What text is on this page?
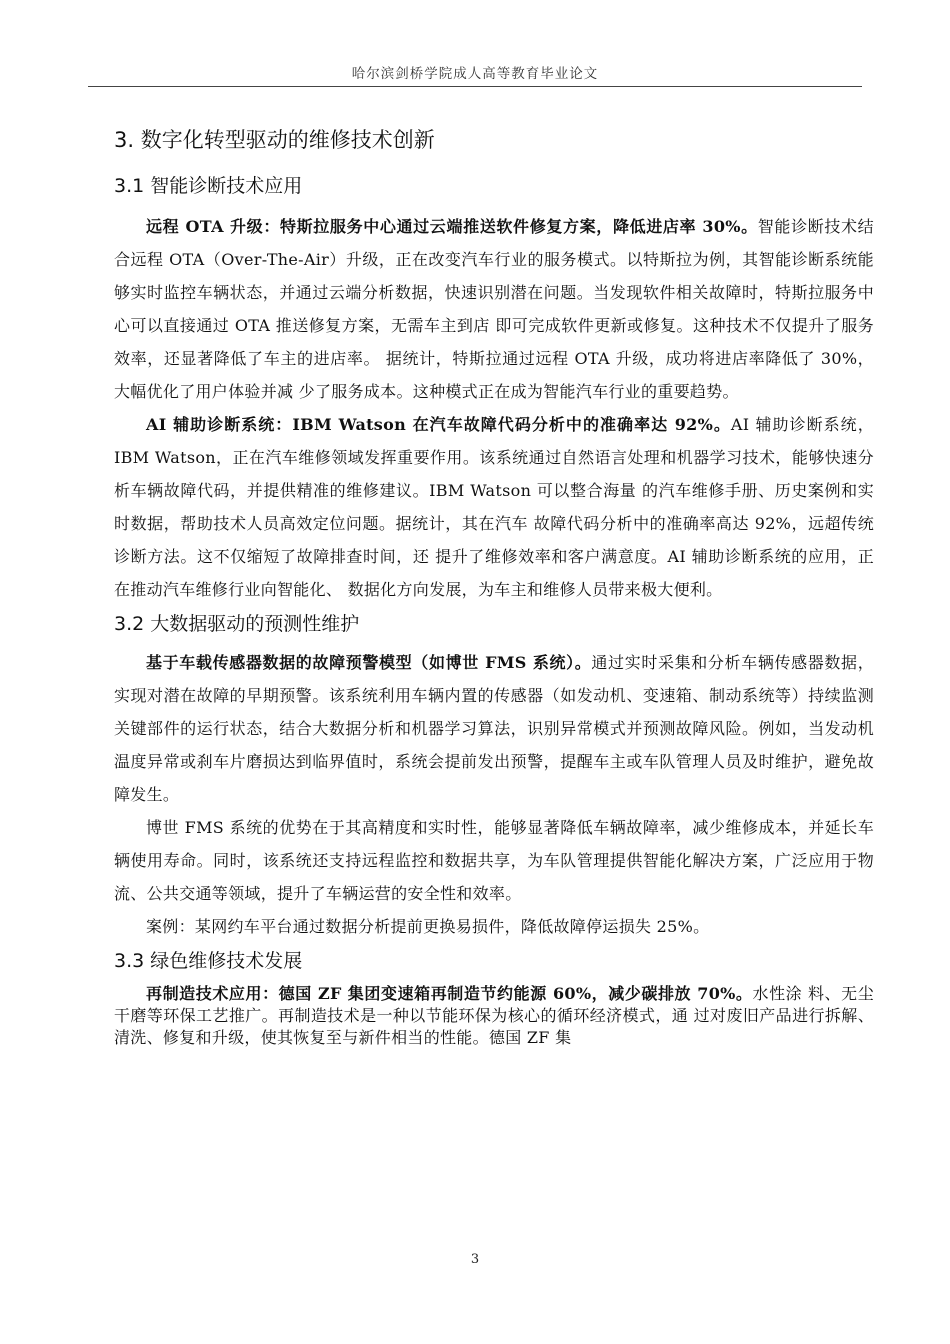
哈尔滨剑桥学院成人高等教育毕业论文
3. 数字化转型驱动的维修技术创新
3.1 智能诊断技术应用

远程 OTA 升级：特斯拉服务中心通过云端推送软件修复方案，降低进店率 30%。智能诊断技术结合远程 OTA（Over-The-Air）升级，正在改变汽车行业的服务模式。以特斯拉为例，其智能诊断系统能够实时监控车辆状态，并通过云端分析数据，快速识别潜在问题。当发现软件相关故障时，特斯拉服务中心可以直接通过 OTA 推送修复方案，无需车主到店 即可完成软件更新或修复。这种技术不仅提升了服务效率，还显著降低了车主的进店率。 据统计，特斯拉通过远程 OTA 升级，成功将进店率降低了 30%，大幅优化了用户体验并减 少了服务成本。这种模式正在成为智能汽车行业的重要趋势。

AI 辅助诊断系统：IBM Watson 在汽车故障代码分析中的准确率达 92%。AI 辅助诊断系统，IBM Watson，正在汽车维修领域发挥重要作用。该系统通过自然语言处理和机器学习技术，能够快速分析车辆故障代码，并提供精准的维修建议。IBM Watson 可以整合海量 的汽车维修手册、历史案例和实时数据，帮助技术人员高效定位问题。据统计，其在汽车 故障代码分析中的准确率高达 92%，远超传统诊断方法。这不仅缩短了故障排查时间，还 提升了维修效率和客户满意度。AI 辅助诊断系统的应用，正在推动汽车维修行业向智能化、 数据化方向发展，为车主和维修人员带来极大便利。

3.2 大数据驱动的预测性维护

基于车载传感器数据的故障预警模型（如博世 FMS 系统）。通过实时采集和分析车辆传感器数据，实现对潜在故障的早期预警。该系统利用车辆内置的传感器（如发动机、变速箱、制动系统等）持续监测关键部件的运行状态，结合大数据分析和机器学习算法，识别异常模式并预测故障风险。例如，当发动机温度异常或刹车片磨损达到临界值时，系统会提前发出预警，提醒车主或车队管理人员及时维护，避免故障发生。

博世 FMS 系统的优势在于其高精度和实时性，能够显著降低车辆故障率，减少维修成本，并延长车辆使用寿命。同时，该系统还支持远程监控和数据共享，为车队管理提供智能化解决方案，广泛应用于物流、公共交通等领域，提升了车辆运营的安全性和效率。

案例：某网约车平台通过数据分析提前更换易损件，降低故障停运损失 25%。

3.3 绿色维修技术发展

再制造技术应用：德国 ZF 集团变速箱再制造节约能源 60%，减少碳排放 70%。水性涂 料、无尘干磨等环保工艺推广。再制造技术是一种以节能环保为核心的循环经济模式，通 过对废旧产品进行拆解、清洗、修复和升级，使其恢复至与新件相当的性能。德国 ZF 集

3
